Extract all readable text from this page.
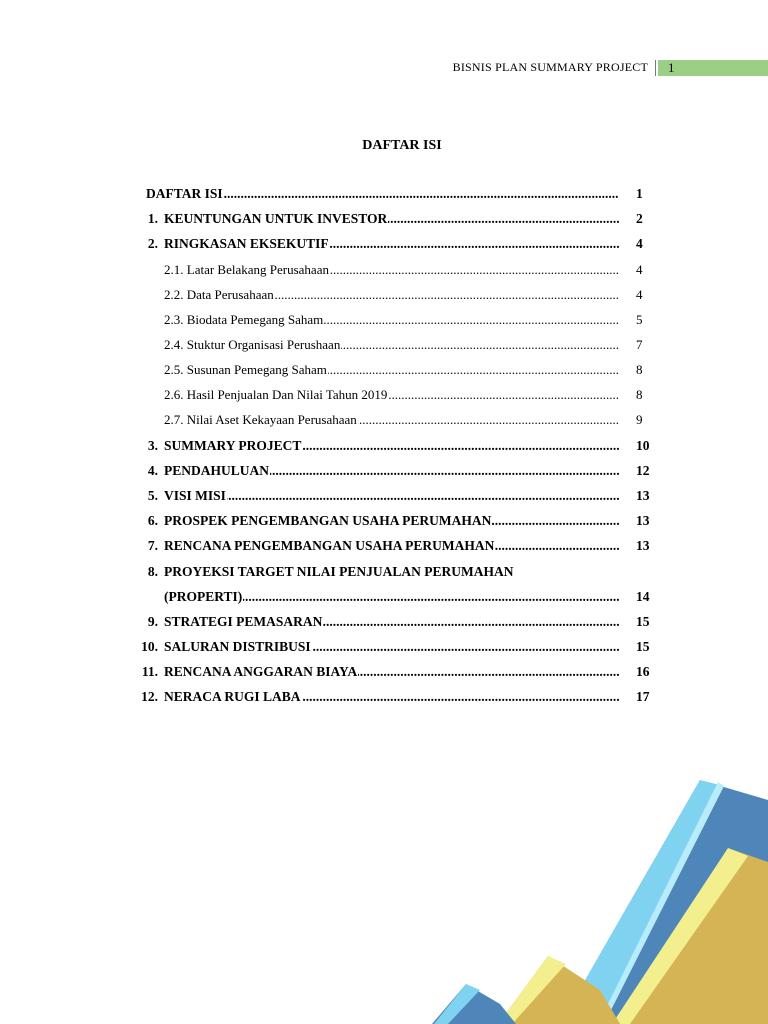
BISNIS PLAN SUMMARY PROJECT 1
DAFTAR ISI
DAFTAR ISI .....	1
1. KEUNTUNGAN UNTUK INVESTOR .....	2
2. RINGKASAN EKSEKUTIF .....	4
2.1. Latar Belakang Perusahaan .....	4
2.2. Data Perusahaan .....	4
2.3. Biodata Pemegang Saham .....	5
2.4. Stuktur Organisasi Perushaan .....	7
2.5. Susunan Pemegang Saham .....	8
2.6. Hasil Penjualan Dan Nilai Tahun 2019 .....	8
2.7. Nilai Aset Kekayaan Perusahaan .....	9
3. SUMMARY PROJECT .....	10
4. PENDAHULUAN .....	12
5. VISI MISI .....	13
6. PROSPEK PENGEMBANGAN USAHA PERUMAHAN .....	13
7. RENCANA PENGEMBANGAN USAHA PERUMAHAN .....	13
8. PROYEKSI TARGET NILAI PENJUALAN PERUMAHAN
(PROPERTI) .....	14
9. STRATEGI PEMASARAN .....	15
10. SALURAN DISTRIBUSI .....	15
11. RENCANA ANGGARAN BIAYA .....	16
12. NERACA RUGI LABA .....	17
